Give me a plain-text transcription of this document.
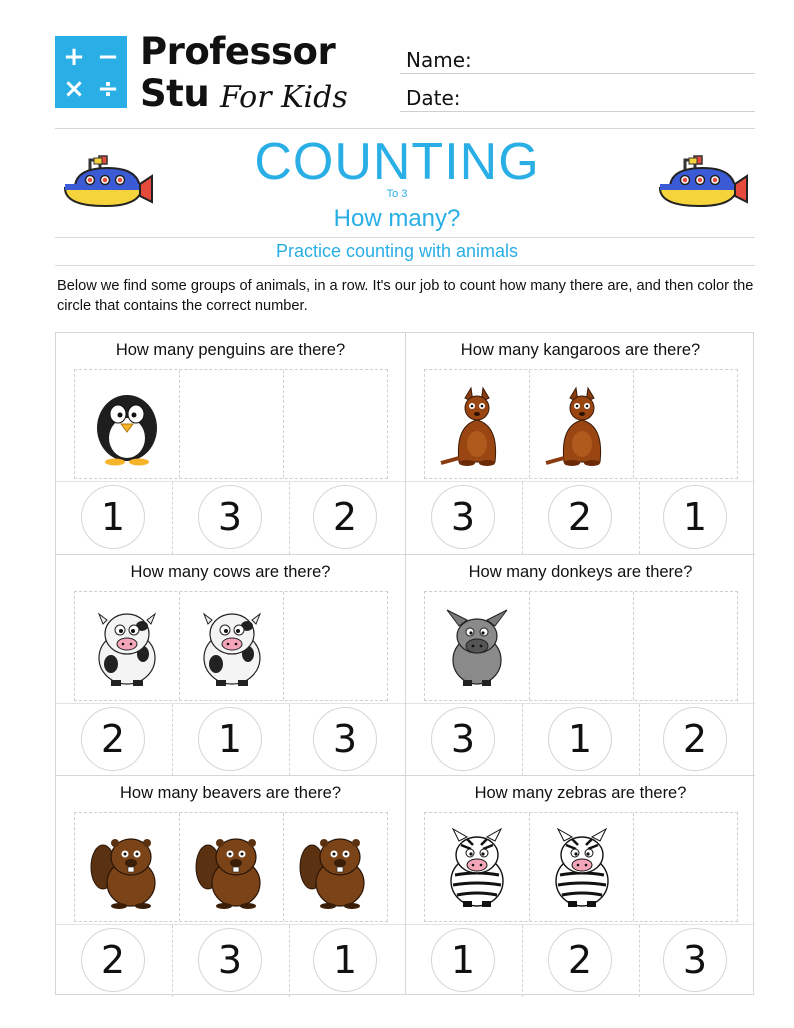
+ −
× ÷
Professor
Stu For Kids
Name:
Date:
COUNTING
To 3
How many?
Practice counting with animals
Below we find some groups of animals, in a row. It's our job to count how many there are, and then color the circle that contains the correct number.
How many penguins are there?
1	3	2
How many kangaroos are there?
3	2	1
How many cows are there?
2	1	3
How many donkeys are there?
3	1	2
How many beavers are there?
2	3	1
How many zebras are there?
1	2	3
